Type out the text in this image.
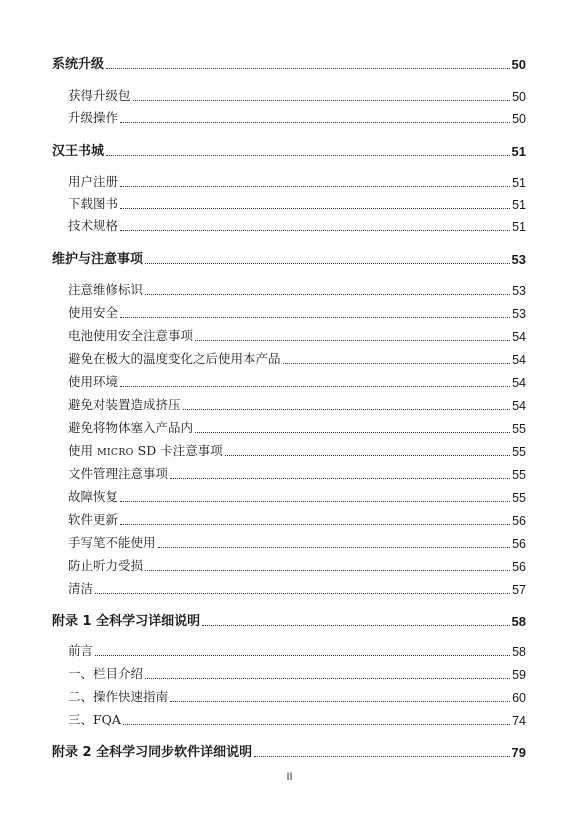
系统升级	50
获得升级包	50
升级操作	50
汉王书城	51
用户注册	51
下载图书	51
技术规格	51
维护与注意事项	53
注意维修标识	53
使用安全	53
电池使用安全注意事项	54
避免在极大的温度变化之后使用本产品	54
使用环境	54
避免对装置造成挤压	54
避免将物体塞入产品内	55
使用 MICRO SD 卡注意事项	55
文件管理注意事项	55
故障恢复	55
软件更新	56
手写笔不能使用	56
防止听力受损	56
清洁	57
附录 1 全科学习详细说明	58
前言	58
一、栏目介绍	59
二、操作快速指南	60
三、FQA	74
附录 2 全科学习同步软件详细说明	79
II
